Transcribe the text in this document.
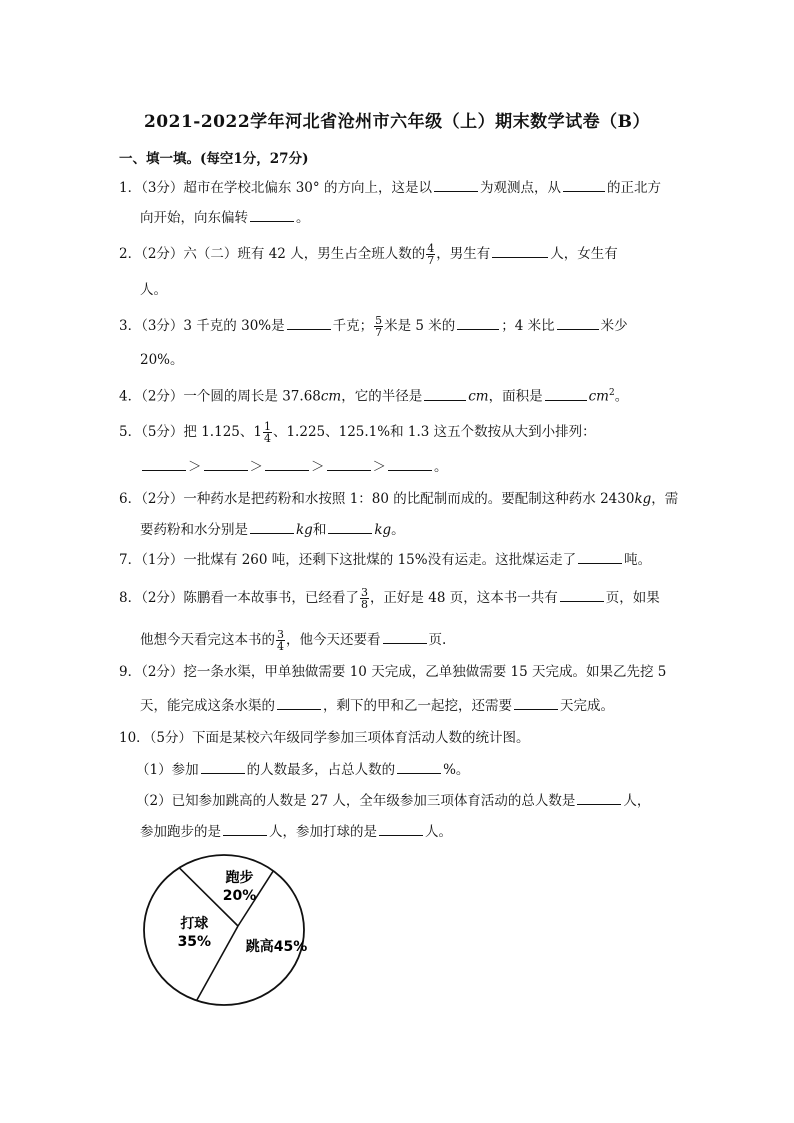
2021-2022学年河北省沧州市六年级（上）期末数学试卷（B）
一、填一填。(每空1分，27分)
1．（3分）超市在学校北偏东 30° 的方向上，这是以	为观测点，从	的正北方
向开始，向东偏转	。
2．（2分）六（二）班有 42 人，男生占全班人数的 $\frac{4}{7}$ ，男生有	人，女生有
人。
3．（3分）3 千克的 30%是	千克； $\frac{5}{7}$ 米是 5 米的	；4 米比	米少
20%。
4．（2分）一个圆的周长是 37.68cm，它的半径是	cm，面积是	$cm^2$。
5．（5分）把 1.125、$1 \frac{1}{4}$ 、1.225、125.1%和 1.3 这五个数按从大到小排列：
＞	＞	＞	＞	。
6．（2分）一种药水是把药粉和水按照 1：80 的比配制而成的。要配制这种药水 2430kg，需
要药粉和水分别是	kg和	kg。
7．（1分）一批煤有 260 吨，还剩下这批煤的 15%没有运走。这批煤运走了	吨。
8．（2分）陈鹏看一本故事书，已经看了 $\frac{3}{8}$ ，正好是 48 页，这本书一共有	页，如果
他想今天看完这本书的 $\frac{3}{4}$ ，他今天还要看	页.
9．（2分）挖一条水渠，甲单独做需要 10 天完成，乙单独做需要 15 天完成。如果乙先挖 5
天，能完成这条水渠的	，剩下的甲和乙一起挖，还需要	天完成。
10．（5分）下面是某校六年级同学参加三项体育活动人数的统计图。
（1）参加	的人数最多，占总人数的	%。
（2）已知参加跳高的人数是 27 人，全年级参加三项体育活动的总人数是	人，
参加跑步的是	人，参加打球的是	人。
打球
35%
跑步
20%
跳高45%
